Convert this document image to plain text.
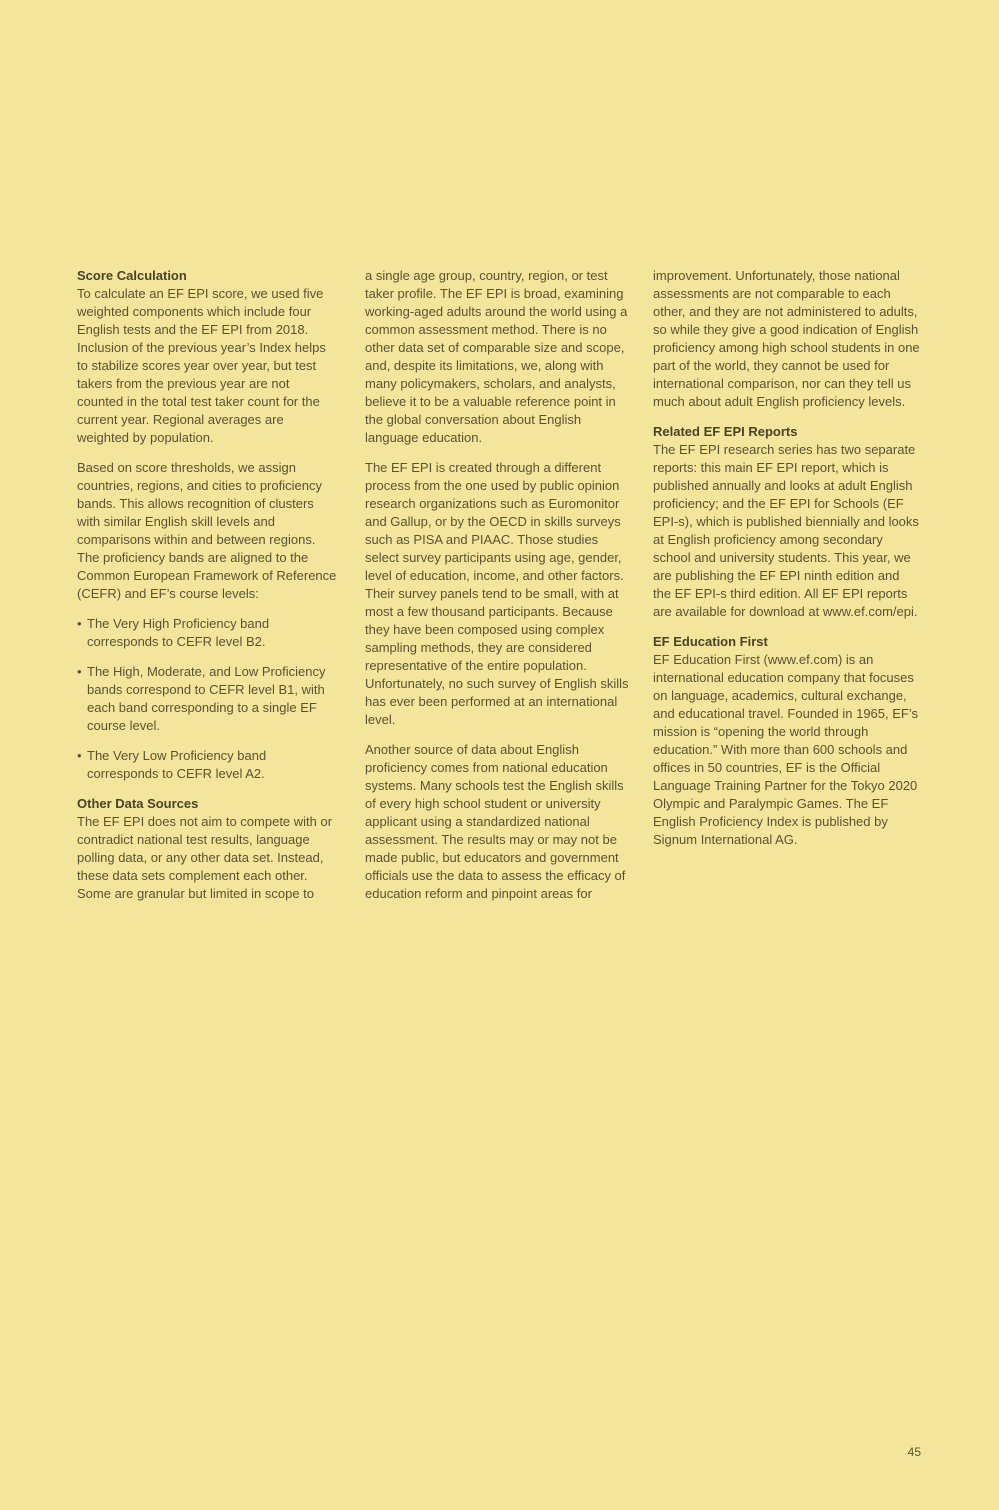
Score Calculation

To calculate an EF EPI score, we used five weighted components which include four English tests and the EF EPI from 2018. Inclusion of the previous year’s Index helps to stabilize scores year over year, but test takers from the previous year are not counted in the total test taker count for the current year. Regional averages are weighted by population.

Based on score thresholds, we assign countries, regions, and cities to proficiency bands. This allows recognition of clusters with similar English skill levels and comparisons within and between regions. The proficiency bands are aligned to the Common European Framework of Reference (CEFR) and EF’s course levels:

• The Very High Proficiency band corresponds to CEFR level B2.
• The High, Moderate, and Low Proficiency bands correspond to CEFR level B1, with each band corresponding to a single EF course level.
• The Very Low Proficiency band corresponds to CEFR level A2.
Other Data Sources

The EF EPI does not aim to compete with or contradict national test results, language polling data, or any other data set. Instead, these data sets complement each other. Some are granular but limited in scope to

a single age group, country, region, or test taker profile. The EF EPI is broad, examining working-aged adults around the world using a common assessment method. There is no other data set of comparable size and scope, and, despite its limitations, we, along with many policymakers, scholars, and analysts, believe it to be a valuable reference point in the global conversation about English language education.

The EF EPI is created through a different process from the one used by public opinion research organizations such as Euromonitor and Gallup, or by the OECD in skills surveys such as PISA and PIAAC. Those studies select survey participants using age, gender, level of education, income, and other factors. Their survey panels tend to be small, with at most a few thousand participants. Because they have been composed using complex sampling methods, they are considered representative of the entire population. Unfortunately, no such survey of English skills has ever been performed at an international level.

Another source of data about English proficiency comes from national education systems. Many schools test the English skills of every high school student or university applicant using a standardized national assessment. The results may or may not be made public, but educators and government officials use the data to assess the efficacy of education reform and pinpoint areas for

improvement. Unfortunately, those national assessments are not comparable to each other, and they are not administered to adults, so while they give a good indication of English proficiency among high school students in one part of the world, they cannot be used for international comparison, nor can they tell us much about adult English proficiency levels.

Related EF EPI Reports

The EF EPI research series has two separate reports: this main EF EPI report, which is published annually and looks at adult English proficiency; and the EF EPI for Schools (EF EPI-s), which is published biennially and looks at English proficiency among secondary school and university students. This year, we are publishing the EF EPI ninth edition and the EF EPI-s third edition. All EF EPI reports are available for download at www.ef.com/epi.

EF Education First

EF Education First (www.ef.com) is an international education company that focuses on language, academics, cultural exchange, and educational travel. Founded in 1965, EF’s mission is “opening the world through education.” With more than 600 schools and offices in 50 countries, EF is the Official Language Training Partner for the Tokyo 2020 Olympic and Paralympic Games. The EF English Proficiency Index is published by Signum International AG.

45
